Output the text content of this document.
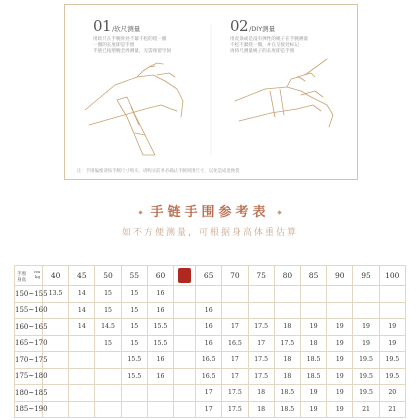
01 /软尺测量
用软尺在手腕骨处不紧不松的绕一圈
一圈的长度即是手围
手链已按照腕全周测量，无需预留空间
02 /DIY测量
用皮条或是没有弹性的绳子在手腕测量
不松不紧绕一圈，并在交接处标记
再将尺测量绳子的长度即是手围
注：手围偏瘦请按手腕尺寸购买，请购买前务必确认手腕周围尺寸，以免造成退换货
手链手围参考表
如不方便测量，可根据身高体重估算
手围
身高
cm
kg	40	45	50	55	60		65	70	75	80	85	90	95	100
150~155	13.5	14	15	15	16									
155~160		14	15	15	16		16							
160~165		14	14.5	15	15.5		16	17	17.5	18	19	19	19	19
165~170			15	15	15.5		16	16.5	17	17.5	18	19	19	19
170~175				15.5	16		16.5	17	17.5	18	18.5	19	19.5	19.5
175~180				15.5	16		16.5	17	17.5	18	18.5	19	19.5	19.5
180~185							17	17.5	18	18.5	19	19	19.5	20
185~190							17	17.5	18	18.5	19	19	21	21
